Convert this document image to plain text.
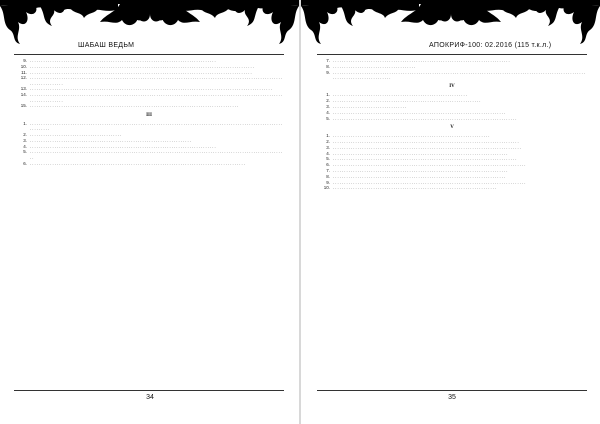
ШАБАШ ВЕДЬМ
9. . . . . . . . . . . . . . . . . . . . . . . . . . . . . . . . . . . . . . . . . . . . . . . . . . . . . . . . . . . . . . . . . . . . . . . . . . . . . . . . . . . .
10. . . . . . . . . . . . . . . . . . . . . . . . . . . . . . . . . . . . . . . . . . . . . . . . . . . . . . . . . . . . . . . . . . . . . . . . . . . . . . . . . . . . . . . . . . . . . . . . . . . . .
11. . . . . . . . . . . . . . . . . . . . . . . . . . . . . . . . . . . . . . . . . . . . . . . . . . . . . . . . . . . . . . . . . . . . . . . . . . . . . . . . . . . . . . . . . . . . . . . . . . . .
12. . . . . . . . . . . . . . . . . . . . . . . . . . . . . . . . . . . . . . . . . . . . . . . . . . . . . . . . . . . . . . . . . . . . . . . . . . . . . . . . . . . . . . . . . . . . . . . . . . . . . . . . . . . . . . . . . . . . . . . . . . . . . . . .
13. . . . . . . . . . . . . . . . . . . . . . . . . . . . . . . . . . . . . . . . . . . . . . . . . . . . . . . . . . . . . . . . . . . . . . . . . . . . . . . . . . . . . . . . . . . . . . . . . . . . . . . . . . . . .
14. . . . . . . . . . . . . . . . . . . . . . . . . . . . . . . . . . . . . . . . . . . . . . . . . . . . . . . . . . . . . . . . . . . . . . . . . . . . . . . . . . . . . . . . . . . . . . . . . . . . . . . . . . . . . . . . . . . . . . . . . . . . . . . .
15. . . . . . . . . . . . . . . . . . . . . . . . . . . . . . . . . . . . . . . . . . . . . . . . . . . . . . . . . . . . . . . . . . . . . . . . . . . . . . . . . . . . . . . . . . . . . .
III
1. . . . . . . . . . . . . . . . . . . . . . . . . . . . . . . . . . . . . . . . . . . . . . . . . . . . . . . . . . . . . . . . . . . . . . . . . . . . . . . . . . . . . . . . . . . . . . . . . . . . . . . . . . . . . . . . . . . . . . . . . .
2. . . . . . . . . . . . . . . . . . . . . . . . . . . . . . . . . . . . . . . . . .
3. . . . . . . . . . . . . . . . . . . . . . . . . . . . . . . . . . . . . . . . . . . . . . . . . . . . . . . . . . . . . . . . . . . . . . . . .
4. . . . . . . . . . . . . . . . . . . . . . . . . . . . . . . . . . . . . . . . . . . . . . . . . . . . . . . . . . . . . . . . . . . . . . . . . . . . . . . . . . . .
5. . . . . . . . . . . . . . . . . . . . . . . . . . . . . . . . . . . . . . . . . . . . . . . . . . . . . . . . . . . . . . . . . . . . . . . . . . . . . . . . . . . . . . . . . . . . . . . . . . . . . . . . . . . . . . . . . . .
6. . . . . . . . . . . . . . . . . . . . . . . . . . . . . . . . . . . . . . . . . . . . . . . . . . . . . . . . . . . . . . . . . . . . . . . . . . . . . . . . . . . . . . . . . . . . . . . . .
34
АПОКРИФ-100: 02.2016 (115 т.к.л.)
7. . . . . . . . . . . . . . . . . . . . . . . . . . . . . . . . . . . . . . . . . . . . . . . . . . . . . . . . . . . . . . . . . . . . . . . . . . . . . . . .
8. . . . . . . . . . . . . . . . . . . . . . . . . . . . . . . . . . . . . .
9. . . . . . . . . . . . . . . . . . . . . . . . . . . . . . . . . . . . . . . . . . . . . . . . . . . . . . . . . . . . . . . . . . . . . . . . . . . . . . . . . . . . . . . . . . . . . . . . . . . . . . . . . . . . . . . . . . . . . . . . . . . . . . . . . . . . . . . . . . .
IV
1. . . . . . . . . . . . . . . . . . . . . . . . . . . . . . . . . . . . . . . . . . . . . . . . . . . . . . . . . . . . .
2. . . . . . . . . . . . . . . . . . . . . . . . . . . . . . . . . . . . . . . . . . . . . . . . . . . . . . . . . . . . . . . . . . .
3. . . . . . . . . . . . . . . . . . . . . . . . . . . . . . . . . .
4. . . . . . . . . . . . . . . . . . . . . . . . . . . . . . . . . . . . . . . . . . . . . . . . . . . . . . . . . . . . . . . . . . . . . . . . . . . . . .
5. . . . . . . . . . . . . . . . . . . . . . . . . . . . . . . . . . . . . . . . . . . . . . . . . . . . . . . . . . . . . . . . . . . . . . . . . . . . . . . . . . .
V
1. . . . . . . . . . . . . . . . . . . . . . . . . . . . . . . . . . . . . . . . . . . . . . . . . . . . . . . . . . . . . . . . . . . . . . .
2. . . . . . . . . . . . . . . . . . . . . . . . . . . . . . . . . . . . . . . . . . . . . . . . . . . . . . . . . . . . . . . . . . . . . . . . . . . . . . . . . . . .
3. . . . . . . . . . . . . . . . . . . . . . . . . . . . . . . . . . . . . . . . . . . . . . . . . . . . . . . . . . . . . . . . . . . . . . . . . . . . . . . . . . . . .
4. . . . . . . . . . . . . . . . . . . . . . . . . . . . . . . . . . . . . . . . . . . . . . . . . . . . . . . . . . . . . . . . . . . . . . . . . . . . . . .
5. . . . . . . . . . . . . . . . . . . . . . . . . . . . . . . . . . . . . . . . . . . . . . . . . . . . . . . . . . . . . . . . . . . . . . . . . . . . . . . . . . .
6. . . . . . . . . . . . . . . . . . . . . . . . . . . . . . . . . . . . . . . . . . . . . . . . . . . . . . . . . . . . . . . . . . . . . . . . . . . . . . . . . . . . . . .
7. . . . . . . . . . . . . . . . . . . . . . . . . . . . . . . . . . . . . . . . . . . . . . . . . . . . . . . . . . . . . . . . . . . . . . . . . . . . . . .
8. . . . . . . . . . . . . . . . . . . . . . . . . . . . . . . . . . . . . . . . . . . . . . . . . . . . . . . . . . . . . . . . . . . . . . . . . . . . . .
9. . . . . . . . . . . . . . . . . . . . . . . . . . . . . . . . . . . . . . . . . . . . . . . . . . . . . . . . . . . . . . . . . . . . . . . . . . . . . . . . . . . . . . .
10. . . . . . . . . . . . . . . . . . . . . . . . . . . . . . . . . . . . . . . . . . . . . . . . . . . . . . . . . . . . . . . . . . . . . . . . . .
35
